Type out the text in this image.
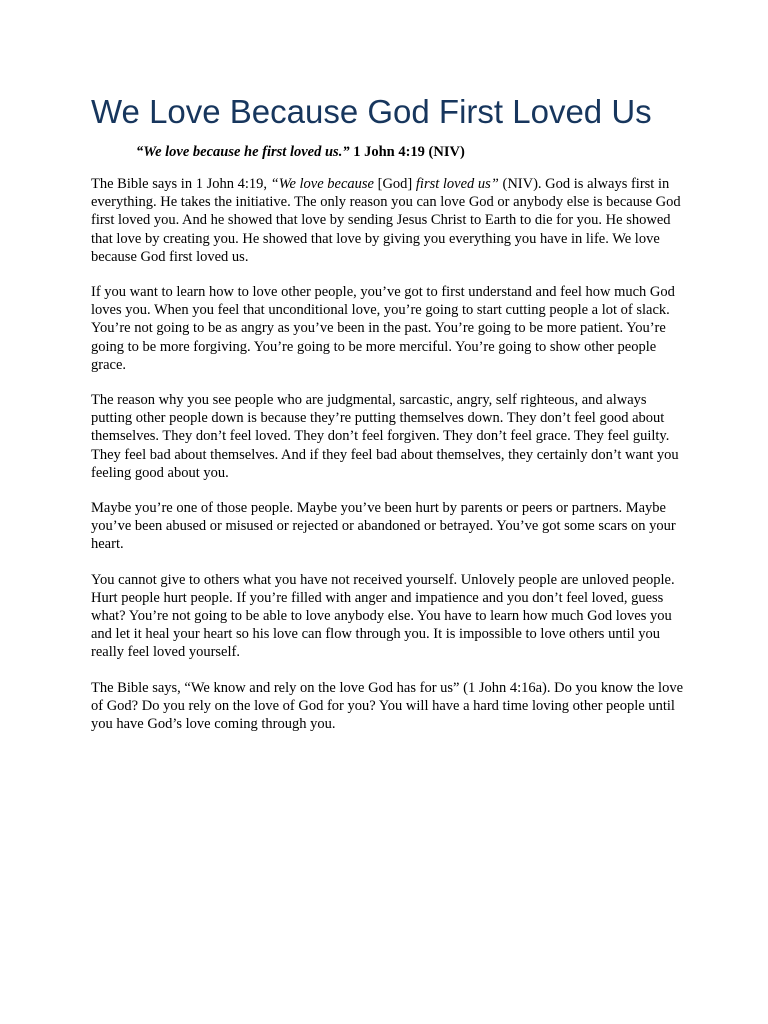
We Love Because God First Loved Us

“We love because he first loved us.” 1 John 4:19 (NIV)

The Bible says in 1 John 4:19, “We love because [God] first loved us” (NIV). God is always first in everything. He takes the initiative. The only reason you can love God or anybody else is because God first loved you. And he showed that love by sending Jesus Christ to Earth to die for you. He showed that love by creating you. He showed that love by giving you everything you have in life. We love because God first loved us.

If you want to learn how to love other people, you’ve got to first understand and feel how much God loves you. When you feel that unconditional love, you’re going to start cutting people a lot of slack. You’re not going to be as angry as you’ve been in the past. You’re going to be more patient. You’re going to be more forgiving. You’re going to be more merciful. You’re going to show other people grace.

The reason why you see people who are judgmental, sarcastic, angry, self righteous, and always putting other people down is because they’re putting themselves down. They don’t feel good about themselves. They don’t feel loved. They don’t feel forgiven. They don’t feel grace. They feel guilty. They feel bad about themselves. And if they feel bad about themselves, they certainly don’t want you feeling good about you.

Maybe you’re one of those people. Maybe you’ve been hurt by parents or peers or partners. Maybe you’ve been abused or misused or rejected or abandoned or betrayed. You’ve got some scars on your heart.

You cannot give to others what you have not received yourself. Unlovely people are unloved people. Hurt people hurt people. If you’re filled with anger and impatience and you don’t feel loved, guess what? You’re not going to be able to love anybody else. You have to learn how much God loves you and let it heal your heart so his love can flow through you. It is impossible to love others until you really feel loved yourself.

The Bible says, “We know and rely on the love God has for us” (1 John 4:16a). Do you know the love of God? Do you rely on the love of God for you? You will have a hard time loving other people until you have God’s love coming through you.
